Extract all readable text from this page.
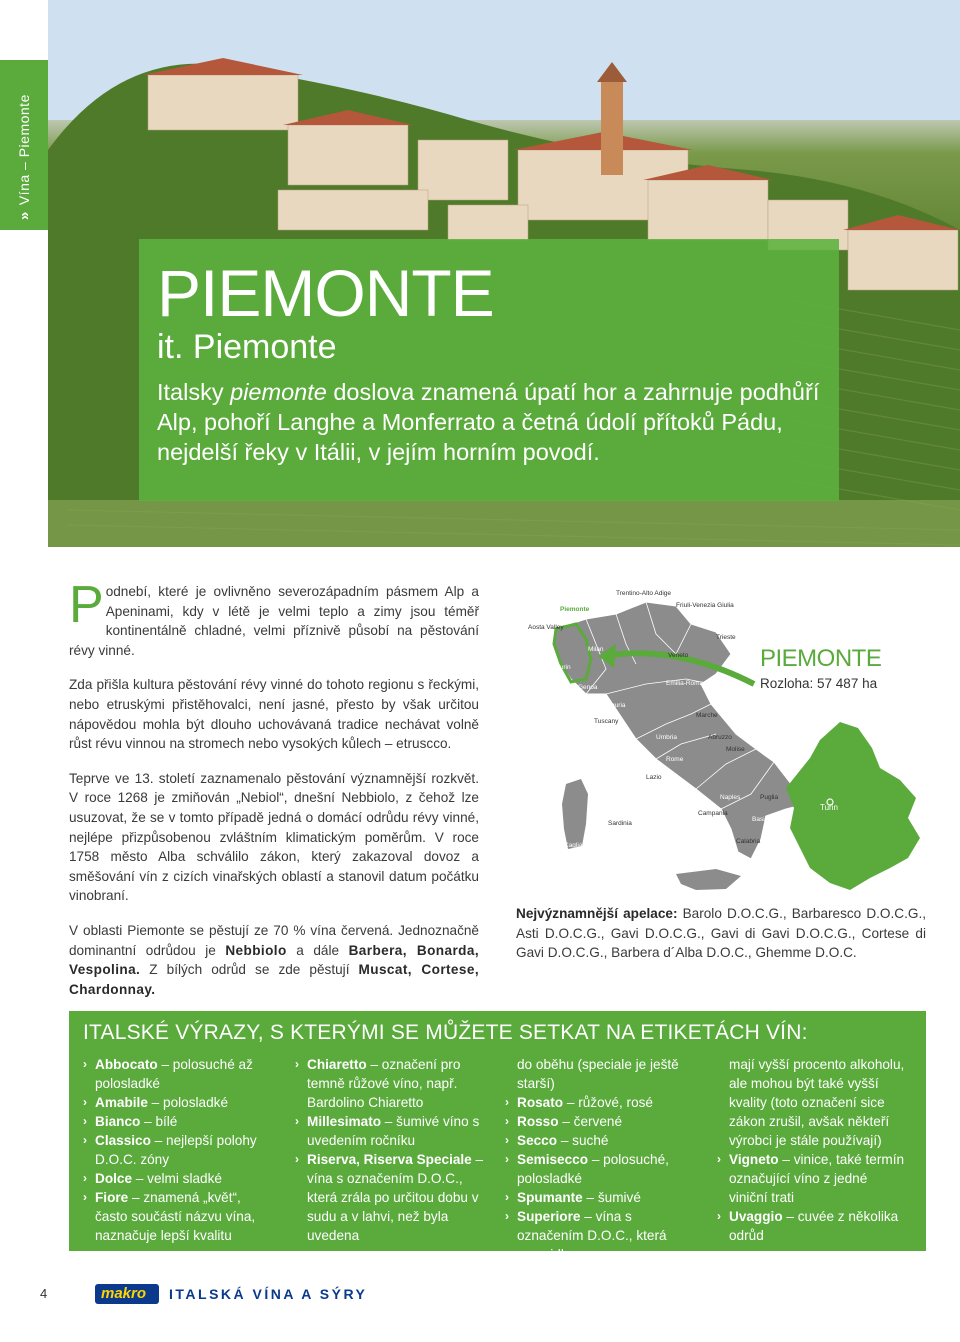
»
Vína – Piemonte
PIEMONTE
it. Piemonte
Italsky piemonte doslova znamená úpatí hor a zahrnuje podhůří Alp, pohoří Langhe a Monferrato a četná údolí přítoků Pádu, nejdelší řeky v Itálii, v jejím horním povodí.

Podnebí, které je ovlivněno severozápadním pásmem Alp a Apeninami, kdy v létě je velmi teplo a zimy jsou téměř kontinentálně chladné, velmi příznivě působí na pěstování révy vinné.

Zda přišla kultura pěstování révy vinné do tohoto regionu s řeckými, nebo etruskými přistěhovalci, není jasné, přesto by však určitou nápovědou mohla být dlouho uchovávaná tradice nechávat volně růst révu vinnou na stromech nebo vysokých kůlech – etruscco.

Teprve ve 13. století zaznamenalo pěstování významnější rozkvět. V roce 1268 je zmiňován „Nebiol“, dnešní Nebbiolo, z čehož lze usuzovat, že se v tomto případě jedná o domácí odrůdu révy vinné, nejlépe přizpůsobenou zvláštním klimatickým poměrům. V roce 1758 město Alba schválilo zákon, který zakazoval dovoz a směšování vín z cizích vinařských oblastí a stanovil datum počátku vinobraní.

V oblasti Piemonte se pěstují ze 70 % vína červená. Jednoznačně dominantní odrůdou je Nebbiolo a dále Barbera, Bonarda, Vespolina. Z bílých odrůd se zde pěstují Muscat, Cortese, Chardonnay.

Trentino-Alto Adige
Friuli-Venezia Giulia
Piemonte
Aosta Valley
Veneto
Trieste
Milan
Turin
Genoa
Emilia-Romagna
Liguria
Tuscany
Marche
Umbria	Abruzzo
Lazio
Molise
Rome
Sardinia
Cagliari
Campania
Naples	Puglia
Basilicata
Calabria
Turin
PIEMONTE
Rozloha: 57 487 ha
Nejvýznamnější apelace: Barolo D.O.C.G., Barbaresco D.O.C.G., Asti D.O.C.G., Gavi D.O.C.G., Gavi di Gavi D.O.C.G., Cortese di Gavi D.O.C.G., Barbera d´Alba D.O.C., Ghemme D.O.C.
ITALSKÉ VÝRAZY, S KTERÝMI SE MŮŽETE SETKAT NA ETIKETÁCH VÍN:
› Abbocato – polosuché až polosladké
› Amabile – polosladké
› Bianco – bílé
› Classico – nejlepší polohy D.O.C. zóny
› Dolce – velmi sladké
› Fiore – znamená „květ“, často součástí názvu vína, naznačuje lepší kvalitu
› Chiaretto – označení pro temně růžové víno, např. Bardolino Chiaretto
› Millesimato – šumivé víno s uvedením ročníku
› Riserva, Riserva Speciale – vína s označením D.O.C., která zrála po určitou dobu v sudu a v lahvi, než byla uvedena
do oběhu (speciale je ještě starší)
› Rosato – růžové, rosé
› Rosso – červené
› Secco – suché
› Semisecco – polosuché, polosladké
› Spumante – šumivé
› Superiore – vína s označením D.O.C., která zpravidla
mají vyšší procento alkoholu, ale mohou být také vyšší kvality (toto označení sice zákon zrušil, avšak někteří výrobci je stále používají)
› Vigneto – vinice, také termín označující víno z jedné viniční trati
› Uvaggio – cuvée z několika odrůd
4	makro ITALSKÁ VÍNA A SÝRY
